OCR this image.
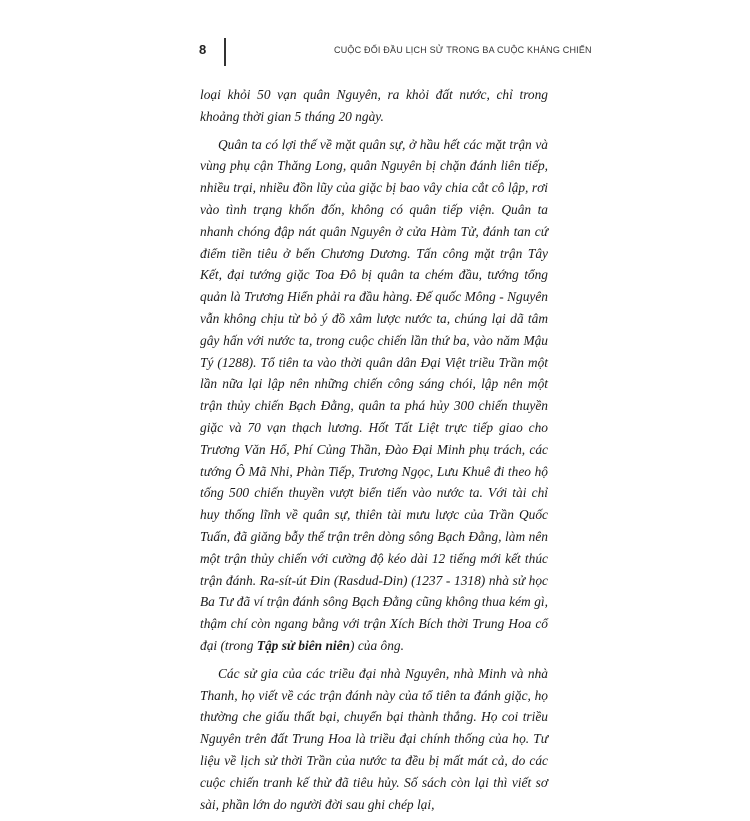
8	CUỘC ĐỐI ĐẦU LỊCH SỬ TRONG BA CUỘC KHÁNG CHIẾN

loại khỏi 50 vạn quân Nguyên, ra khỏi đất nước, chỉ trong khoảng thời gian 5 tháng 20 ngày.

Quân ta có lợi thế về mặt quân sự, ở hầu hết các mặt trận và vùng phụ cận Thăng Long, quân Nguyên bị chặn đánh liên tiếp, nhiều trại, nhiều đồn lũy của giặc bị bao vây chia cắt cô lập, rơi vào tình trạng khốn đốn, không có quân tiếp viện. Quân ta nhanh chóng đập nát quân Nguyên ở cửa Hàm Tử, đánh tan cứ điểm tiền tiêu ở bến Chương Dương. Tấn công mặt trận Tây Kết, đại tướng giặc Toa Đô bị quân ta chém đầu, tướng tổng quản là Trương Hiển phải ra đầu hàng. Đế quốc Mông - Nguyên vẫn không chịu từ bỏ ý đồ xâm lược nước ta, chúng lại dã tâm gây hấn với nước ta, trong cuộc chiến lần thứ ba, vào năm Mậu Tý (1288). Tổ tiên ta vào thời quân dân Đại Việt triều Trần một lần nữa lại lập nên những chiến công sáng chói, lập nên một trận thủy chiến Bạch Đằng, quân ta phá hủy 300 chiến thuyền giặc và 70 vạn thạch lương. Hốt Tất Liệt trực tiếp giao cho Trương Văn Hổ, Phí Củng Thần, Đào Đại Minh phụ trách, các tướng Ô Mã Nhi, Phàn Tiếp, Trương Ngọc, Lưu Khuê đi theo hộ tống 500 chiến thuyền vượt biển tiến vào nước ta. Với tài chỉ huy thống lĩnh về quân sự, thiên tài mưu lược của Trần Quốc Tuấn, đã giăng bẫy thế trận trên dòng sông Bạch Đằng, làm nên một trận thủy chiến với cường độ kéo dài 12 tiếng mới kết thúc trận đánh. Ra-sít-út Đin (Rasdud-Din) (1237 - 1318) nhà sử học Ba Tư đã ví trận đánh sông Bạch Đằng cũng không thua kém gì, thậm chí còn ngang bằng với trận Xích Bích thời Trung Hoa cổ đại (trong Tập sử biên niên) của ông.

Các sử gia của các triều đại nhà Nguyên, nhà Minh và nhà Thanh, họ viết về các trận đánh này của tổ tiên ta đánh giặc, họ thường che giấu thất bại, chuyển bại thành thắng. Họ coi triều Nguyên trên đất Trung Hoa là triều đại chính thống của họ. Tư liệu về lịch sử thời Trần của nước ta đều bị mất mát cả, do các cuộc chiến tranh kế thừ đã tiêu hủy. Số sách còn lại thì viết sơ sài, phần lớn do người đời sau ghi chép lại,
